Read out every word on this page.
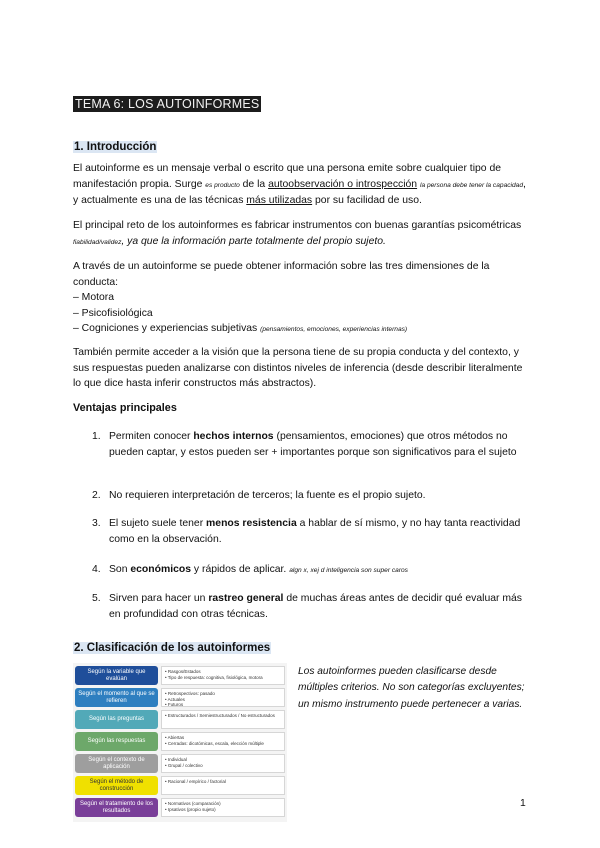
TEMA 6: LOS AUTOINFORMES
1. Introducción
El autoinforme es un mensaje verbal o escrito que una persona emite sobre cualquier tipo de manifestación propia. Surge es producto de la autoobservación o introspección la persona debe tener la capacidad, y actualmente es una de las técnicas más utilizadas por su facilidad de uso.
El principal reto de los autoinformes es fabricar instrumentos con buenas garantías psicométricas fiabilidad/validez, ya que la información parte totalmente del propio sujeto.
A través de un autoinforme se puede obtener información sobre las tres dimensiones de la conducta:
– Motora
– Psicofisiológica
– Cogniciones y experiencias subjetivas (pensamientos, emociones, experiencias internas)
También permite acceder a la visión que la persona tiene de su propia conducta y del contexto, y sus respuestas pueden analizarse con distintos niveles de inferencia (desde describir literalmente lo que dice hasta inferir constructos más abstractos).
Ventajas principales
1. Permiten conocer hechos internos (pensamientos, emociones) que otros métodos no pueden captar, y estos pueden ser + importantes porque son significativos para el sujeto
2. No requieren interpretación de terceros; la fuente es el propio sujeto.
3. El sujeto suele tener menos resistencia a hablar de sí mismo, y no hay tanta reactividad como en la observación.
4. Son económicos y rápidos de aplicar. algn x, xej d inteligencia son super caros
5. Sirven para hacer un rastreo general de muchas áreas antes de decidir qué evaluar más en profundidad con otras técnicas.
2. Clasificación de los autoinformes
Según la variable que evalúan
• Rasgos/Estados
• Tipo de respuesta: cognitiva, fisiológica, motora
Según el momento al que se refieren
• Retrospectivos: pasado
• Actuales
• Futuros
Según las preguntas
• Estructurados / Semiestructurados / No estructurados
Según las respuestas
• Abiertas
• Cerradas: dicotómicas, escala, elección múltiple
Según el contexto de aplicación
• Individual
• Grupal / colectivo
Según el método de construcción
• Racional / empírico / factorial
Según el tratamiento de los resultados
• Normativos (comparación)
• Ipsativos (propio sujeto)
Los autoinformes pueden clasificarse desde múltiples criterios. No son categorías excluyentes; un mismo instrumento puede pertenecer a varias.
1
